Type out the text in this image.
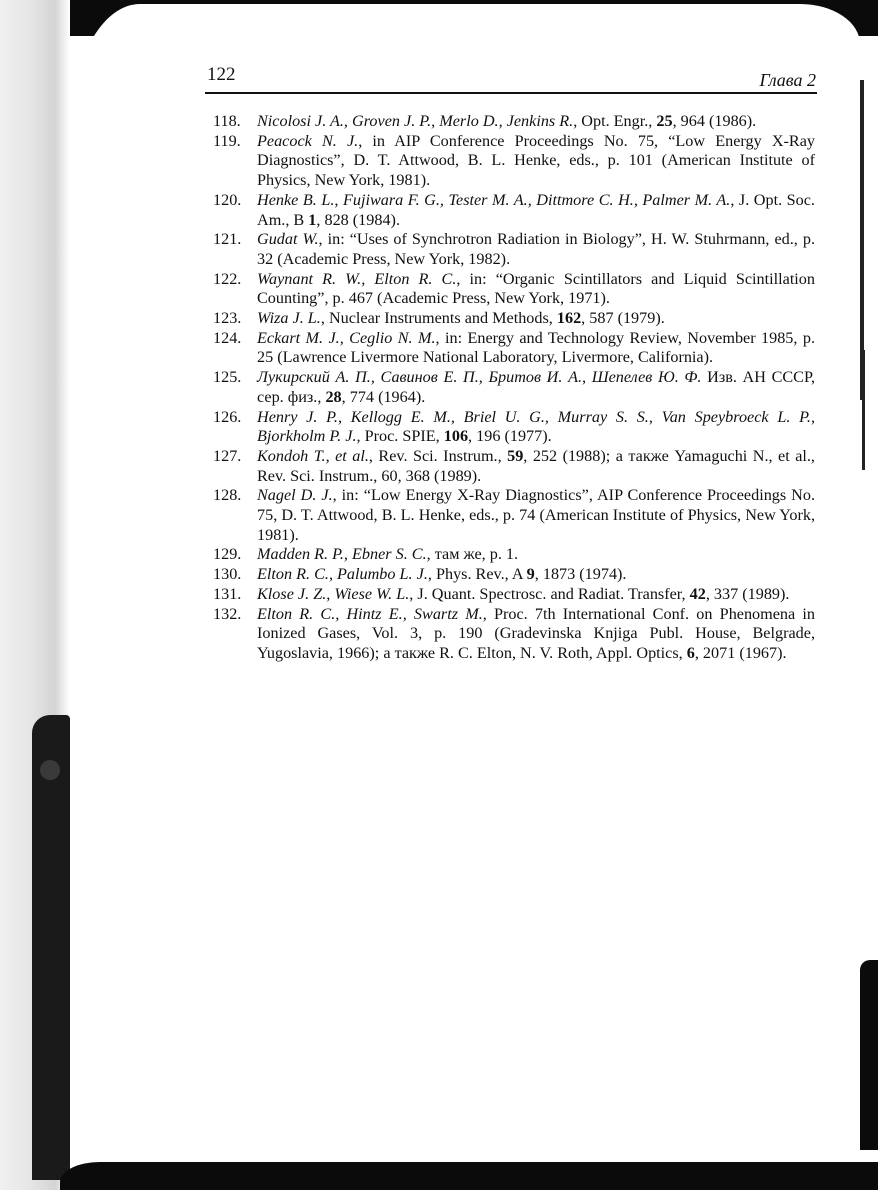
122	Глава 2
118. Nicolosi J. A., Groven J. P., Merlo D., Jenkins R., Opt. Engr., 25, 964 (1986).
119. Peacock N. J., in AIP Conference Proceedings No. 75, “Low Energy X-Ray Diagnostics”, D. T. Attwood, B. L. Henke, eds., p. 101 (American Institute of Physics, New York, 1981).
120. Henke B. L., Fujiwara F. G., Tester M. A., Dittmore C. H., Palmer M. A., J. Opt. Soc. Am., B 1, 828 (1984).
121. Gudat W., in: “Uses of Synchrotron Radiation in Biology”, H. W. Stuhrmann, ed., p. 32 (Academic Press, New York, 1982).
122. Waynant R. W., Elton R. C., in: “Organic Scintillators and Liquid Scintillation Counting”, p. 467 (Academic Press, New York, 1971).
123. Wiza J. L., Nuclear Instruments and Methods, 162, 587 (1979).
124. Eckart M. J., Ceglio N. M., in: Energy and Technology Review, November 1985, p. 25 (Lawrence Livermore National Laboratory, Livermore, California).
125. Лукирский А. П., Савинов Е. П., Бритов И. А., Шепелев Ю. Ф. Изв. АН СССР, сер. физ., 28, 774 (1964).
126. Henry J. P., Kellogg E. M., Briel U. G., Murray S. S., Van Speybroeck L. P., Bjorkholm P. J., Proc. SPIE, 106, 196 (1977).
127. Kondoh T., et al., Rev. Sci. Instrum., 59, 252 (1988); а также Yamaguchi N., et al., Rev. Sci. Instrum., 60, 368 (1989).
128. Nagel D. J., in: “Low Energy X-Ray Diagnostics”, AIP Conference Proceedings No. 75, D. T. Attwood, B. L. Henke, eds., p. 74 (American Institute of Physics, New York, 1981).
129. Madden R. P., Ebner S. C., там же, p. 1.
130. Elton R. C., Palumbo L. J., Phys. Rev., A 9, 1873 (1974).
131. Klose J. Z., Wiese W. L., J. Quant. Spectrosc. and Radiat. Transfer, 42, 337 (1989).
132. Elton R. C., Hintz E., Swartz M., Proc. 7th International Conf. on Phenomena in Ionized Gases, Vol. 3, p. 190 (Gradevinska Knjiga Publ. House, Belgrade, Yugoslavia, 1966); а также R. C. Elton, N. V. Roth, Appl. Optics, 6, 2071 (1967).
